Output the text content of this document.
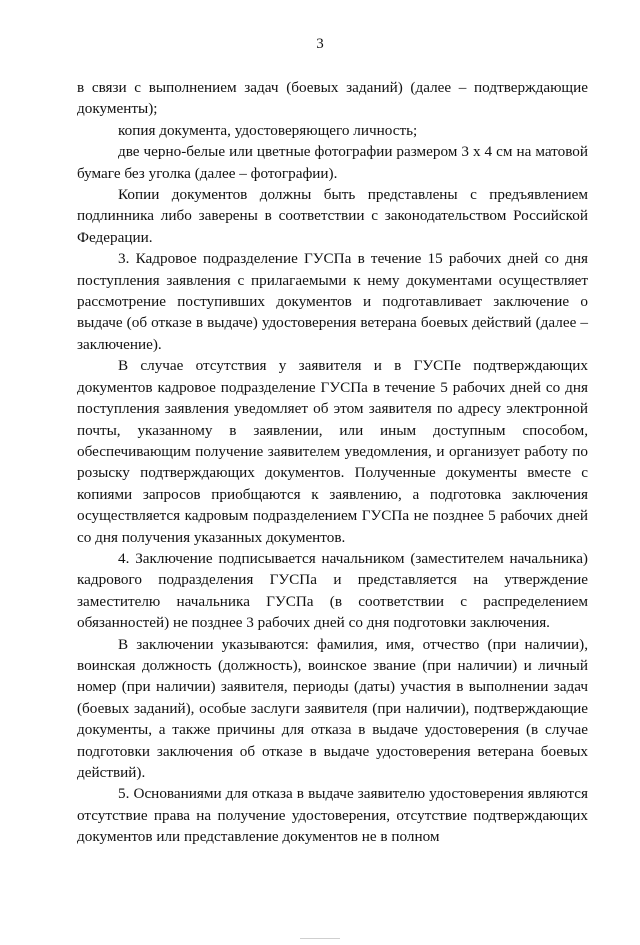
3

в связи с выполнением задач (боевых заданий) (далее – подтверждающие документы);

копия документа, удостоверяющего личность;

две черно-белые или цветные фотографии размером 3 x 4 см на матовой бумаге без уголка (далее – фотографии).

Копии документов должны быть представлены с предъявлением подлинника либо заверены в соответствии с законодательством Российской Федерации.

3. Кадровое подразделение ГУСПа в течение 15 рабочих дней со дня поступления заявления с прилагаемыми к нему документами осуществляет рассмотрение поступивших документов и подготавливает заключение о выдаче (об отказе в выдаче) удостоверения ветерана боевых действий (далее – заключение).

В случае отсутствия у заявителя и в ГУСПе подтверждающих документов кадровое подразделение ГУСПа в течение 5 рабочих дней со дня поступления заявления уведомляет об этом заявителя по адресу электронной почты, указанному в заявлении, или иным доступным способом, обеспечивающим получение заявителем уведомления, и организует работу по розыску подтверждающих документов. Полученные документы вместе с копиями запросов приобщаются к заявлению, а подготовка заключения осуществляется кадровым подразделением ГУСПа не позднее 5 рабочих дней со дня получения указанных документов.

4. Заключение подписывается начальником (заместителем начальника) кадрового подразделения ГУСПа и представляется на утверждение заместителю начальника ГУСПа (в соответствии с распределением обязанностей) не позднее 3 рабочих дней со дня подготовки заключения.

В заключении указываются: фамилия, имя, отчество (при наличии), воинская должность (должность), воинское звание (при наличии) и личный номер (при наличии) заявителя, периоды (даты) участия в выполнении задач (боевых заданий), особые заслуги заявителя (при наличии), подтверждающие документы, а также причины для отказа в выдаче удостоверения (в случае подготовки заключения об отказе в выдаче удостоверения ветерана боевых действий).

5. Основаниями для отказа в выдаче заявителю удостоверения являются отсутствие права на получение удостоверения, отсутствие подтверждающих документов или представление документов не в полном
